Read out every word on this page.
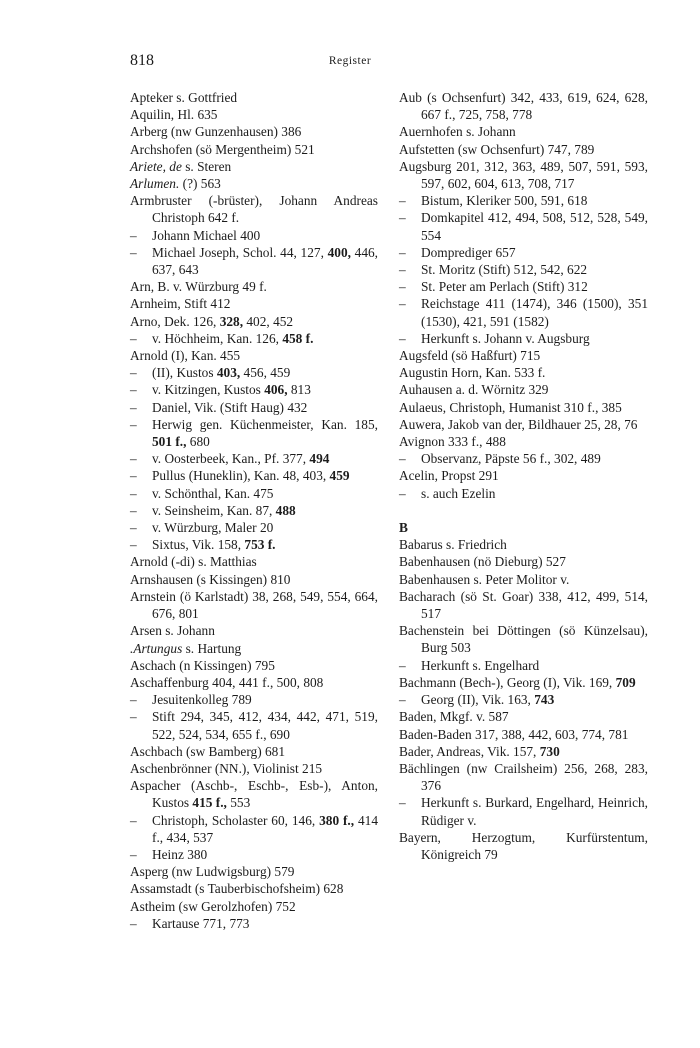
818	Register
Apteker s. Gottfried
Aquilin, Hl. 635
Arberg (nw Gunzenhausen) 386
Archshofen (sö Mergentheim) 521
Ariete, de s. Steren
Arlumen. (?) 563
Armbruster (-brüster), Johann Andreas Christoph 642 f.
– Johann Michael 400
– Michael Joseph, Schol. 44, 127, 400, 446, 637, 643
Arn, B. v. Würzburg 49 f.
Arnheim, Stift 412
Arno, Dek. 126, 328, 402, 452
– v. Höchheim, Kan. 126, 458 f.
Arnold (I), Kan. 455
– (II), Kustos 403, 456, 459
– v. Kitzingen, Kustos 406, 813
– Daniel, Vik. (Stift Haug) 432
– Herwig gen. Küchenmeister, Kan. 185, 501 f., 680
– v. Oosterbeek, Kan., Pf. 377, 494
– Pullus (Huneklin), Kan. 48, 403, 459
– v. Schönthal, Kan. 475
– v. Seinsheim, Kan. 87, 488
– v. Würzburg, Maler 20
– Sixtus, Vik. 158, 753 f.
Arnold (-di) s. Matthias
Arnshausen (s Kissingen) 810
Arnstein (ö Karlstadt) 38, 268, 549, 554, 664, 676, 801
Arsen s. Johann
.Artungus s. Hartung
Aschach (n Kissingen) 795
Aschaffenburg 404, 441 f., 500, 808
– Jesuitenkolleg 789
– Stift 294, 345, 412, 434, 442, 471, 519, 522, 524, 534, 655 f., 690
Aschbach (sw Bamberg) 681
Aschenbrönner (NN.), Violinist 215
Aspacher (Aschb-, Eschb-, Esb-), Anton, Kustos 415 f., 553
– Christoph, Scholaster 60, 146, 380 f., 414 f., 434, 537
– Heinz 380
Asperg (nw Ludwigsburg) 579
Assamstadt (s Tauberbischofsheim) 628
Astheim (sw Gerolzhofen) 752
– Kartause 771, 773
Aub (s Ochsenfurt) 342, 433, 619, 624, 628, 667 f., 725, 758, 778
Auernhofen s. Johann
Aufstetten (sw Ochsenfurt) 747, 789
Augsburg 201, 312, 363, 489, 507, 591, 593, 597, 602, 604, 613, 708, 717
– Bistum, Kleriker 500, 591, 618
– Domkapitel 412, 494, 508, 512, 528, 549, 554
– Domprediger 657
– St. Moritz (Stift) 512, 542, 622
– St. Peter am Perlach (Stift) 312
– Reichstage 411 (1474), 346 (1500), 351 (1530), 421, 591 (1582)
– Herkunft s. Johann v. Augsburg
Augsfeld (sö Haßfurt) 715
Augustin Horn, Kan. 533 f.
Auhausen a. d. Wörnitz 329
Aulaeus, Christoph, Humanist 310 f., 385
Auwera, Jakob van der, Bildhauer 25, 28, 76
Avignon 333 f., 488
– Observanz, Päpste 56 f., 302, 489
Acelin, Propst 291
– s. auch Ezelin
B
Babarus s. Friedrich
Babenhausen (nö Dieburg) 527
Babenhausen s. Peter Molitor v.
Bacharach (sö St. Goar) 338, 412, 499, 514, 517
Bachenstein bei Döttingen (sö Künzelsau), Burg 503
– Herkunft s. Engelhard
Bachmann (Bech-), Georg (I), Vik. 169, 709
– Georg (II), Vik. 163, 743
Baden, Mkgf. v. 587
Baden-Baden 317, 388, 442, 603, 774, 781
Bader, Andreas, Vik. 157, 730
Bächlingen (nw Crailsheim) 256, 268, 283, 376
– Herkunft s. Burkard, Engelhard, Heinrich, Rüdiger v.
Bayern, Herzogtum, Kurfürstentum, Königreich 79
